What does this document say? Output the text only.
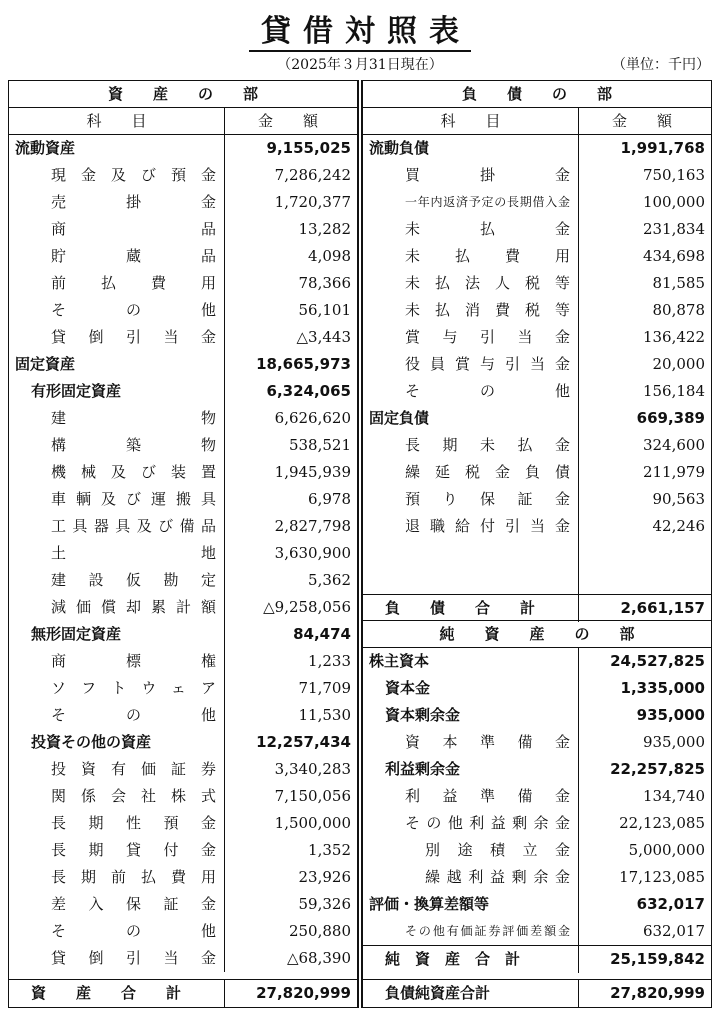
貸借対照表
（2025年３月31日現在）	（単位：千円）
資　　産　　の　　部
科　　目	金　　額
流動資産	9,155,025
現金及び預金	7,286,242
売掛金	1,720,377
商品	13,282
貯蔵品	4,098
前払費用	78,366
その他	56,101
貸倒引当金	△3,443
固定資産	18,665,973
有形固定資産	6,324,065
建物	6,626,620
構築物	538,521
機械及び装置	1,945,939
車輌及び運搬具	6,978
工具器具及び備品	2,827,798
土地	3,630,900
建設仮勘定	5,362
減価償却累計額	△9,258,056
無形固定資産	84,474
商標権	1,233
ソフトウェア	71,709
その他	11,530
投資その他の資産	12,257,434
投資有価証券	3,340,283
関係会社株式	7,150,056
長期性預金	1,500,000
長期貸付金	1,352
長期前払費用	23,926
差入保証金	59,326
その他	250,880
貸倒引当金	△68,390
資　　産　　合　　計	27,820,999
負　　債　　の　　部
科　　目	金　　額
流動負債	1,991,768
買掛金	750,163
一年内返済予定の長期借入金	100,000
未払金	231,834
未払費用	434,698
未払法人税等	81,585
未払消費税等	80,878
賞与引当金	136,422
役員賞与引当金	20,000
その他	156,184
固定負債	669,389
長期未払金	324,600
繰延税金負債	211,979
預り保証金	90,563
退職給付引当金	42,246
負　　債　　合　　計	2,661,157
純　　資　　産　　の　　部
株主資本	24,527,825
資本金	1,335,000
資本剰余金	935,000
資本準備金	935,000
利益剰余金	22,257,825
利益準備金	134,740
その他利益剰余金	22,123,085
別途積立金	5,000,000
繰越利益剰余金	17,123,085
評価・換算差額等	632,017
その他有価証券評価差額金	632,017
純　資　産　合　計	25,159,842
負債純資産合計	27,820,999
